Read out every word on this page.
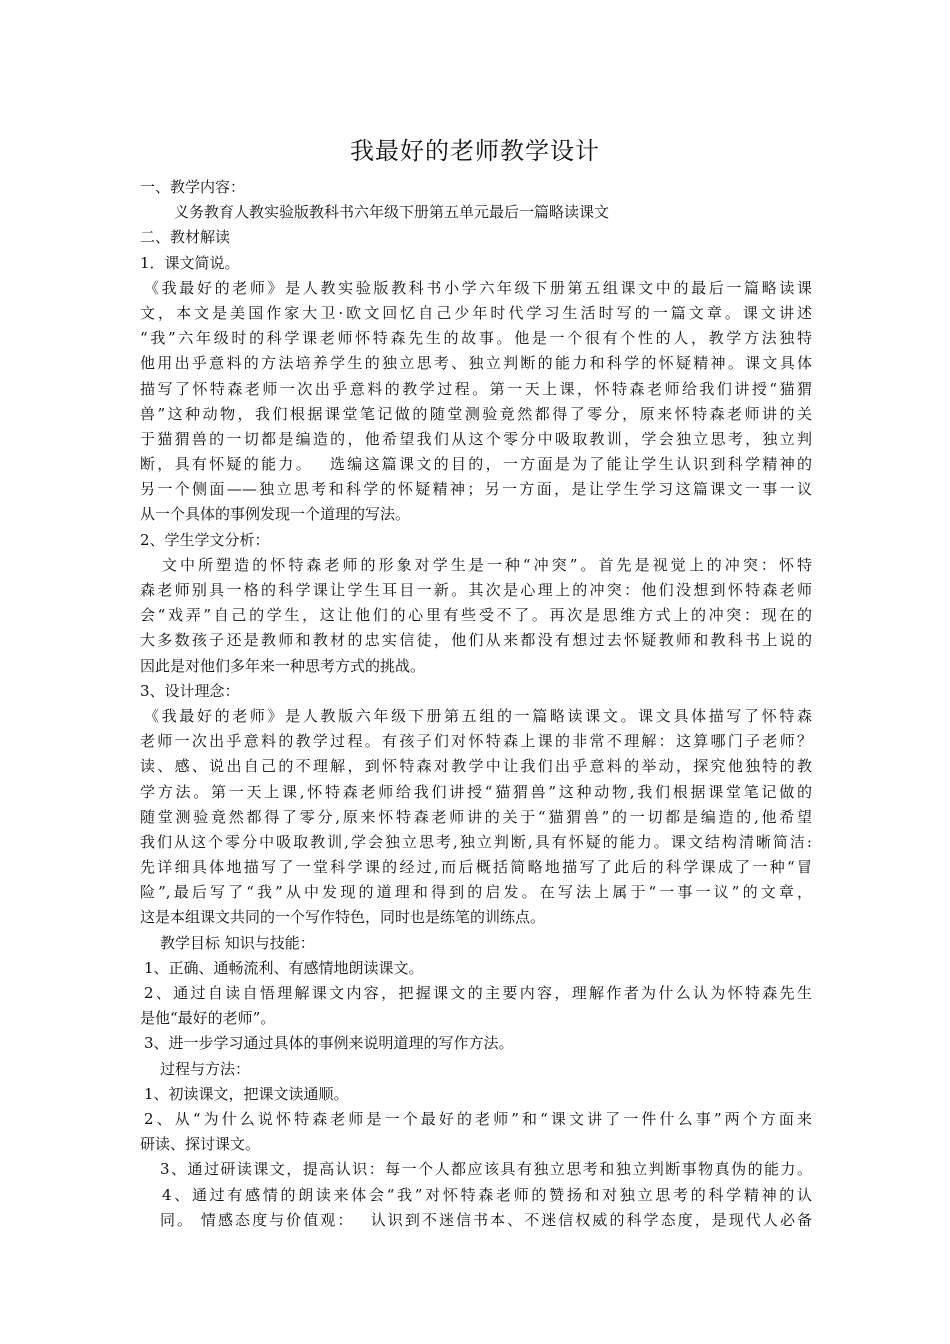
我最好的老师教学设计
一、教学内容：
义务教育人教实验版教科书六年级下册第五单元最后一篇略读课文
二、教材解读
1．课文简说。
《我最好的老师》是人教实验版教科书小学六年级下册第五组课文中的最后一篇略读课
文，本文是美国作家大卫·欧文回忆自己少年时代学习生活时写的一篇文章。课文讲述
“我”六年级时的科学课老师怀特森先生的故事。他是一个很有个性的人，教学方法独特
他用出乎意料的方法培养学生的独立思考、独立判断的能力和科学的怀疑精神。课文具体
描写了怀特森老师一次出乎意料的教学过程。第一天上课，怀特森老师给我们讲授“猫猬
兽”这种动物，我们根据课堂笔记做的随堂测验竟然都得了零分，原来怀特森老师讲的关
于猫猬兽的一切都是编造的，他希望我们从这个零分中吸取教训，学会独立思考，独立判
断，具有怀疑的能力。　 选编这篇课文的目的，一方面是为了能让学生认识到科学精神的
另一个侧面——独立思考和科学的怀疑精神；另一方面，是让学生学习这篇课文一事一议
从一个具体的事例发现一个道理的写法。
2、学生学文分析：
文中所塑造的怀特森老师的形象对学生是一种“冲突”。首先是视觉上的冲突：怀特
森老师别具一格的科学课让学生耳目一新。其次是心理上的冲突：他们没想到怀特森老师
会“戏弄”自己的学生，这让他们的心里有些受不了。再次是思维方式上的冲突：现在的
大多数孩子还是教师和教材的忠实信徒，他们从来都没有想过去怀疑教师和教科书上说的
因此是对他们多年来一种思考方式的挑战。
3、设计理念：
《我最好的老师》是人教版六年级下册第五组的一篇略读课文。课文具体描写了怀特森
老师一次出乎意料的教学过程。有孩子们对怀特森上课的非常不理解：这算哪门子老师？
读、感、说出自己的不理解，到怀特森对教学中让我们出乎意料的举动，探究他独特的教
学方法。第一天上课,怀特森老师给我们讲授“猫猬兽”这种动物,我们根据课堂笔记做的
随堂测验竟然都得了零分,原来怀特森老师讲的关于“猫猬兽”的一切都是编造的,他希望
我们从这个零分中吸取教训,学会独立思考,独立判断,具有怀疑的能力。课文结构清晰简洁:
先详细具体地描写了一堂科学课的经过,而后概括简略地描写了此后的科学课成了一种“冒
险”,最后写了“我”从中发现的道理和得到的启发。在写法上属于“一事一议”的文章，
这是本组课文共同的一个写作特色，同时也是练笔的训练点。
教学目标 知识与技能：
1、正确、通畅流利、有感情地朗读课文。
2、通过自读自悟理解课文内容，把握课文的主要内容，理解作者为什么认为怀特森先生
是他“最好的老师”。
3、进一步学习通过具体的事例来说明道理的写作方法。
过程与方法：
1、初读课文，把课文读通顺。
2、从“为什么说怀特森老师是一个最好的老师”和“课文讲了一件什么事”两个方面来
研读、探讨课文。
3、通过研读课文，提高认识：每一个人都应该具有独立思考和独立判断事物真伪的能力。
4、通过有感情的朗读来体会“我”对怀特森老师的赞扬和对独立思考的科学精神的认
同。 情感态度与价值观：　 认识到不迷信书本、不迷信权威的科学态度，是现代人必备
